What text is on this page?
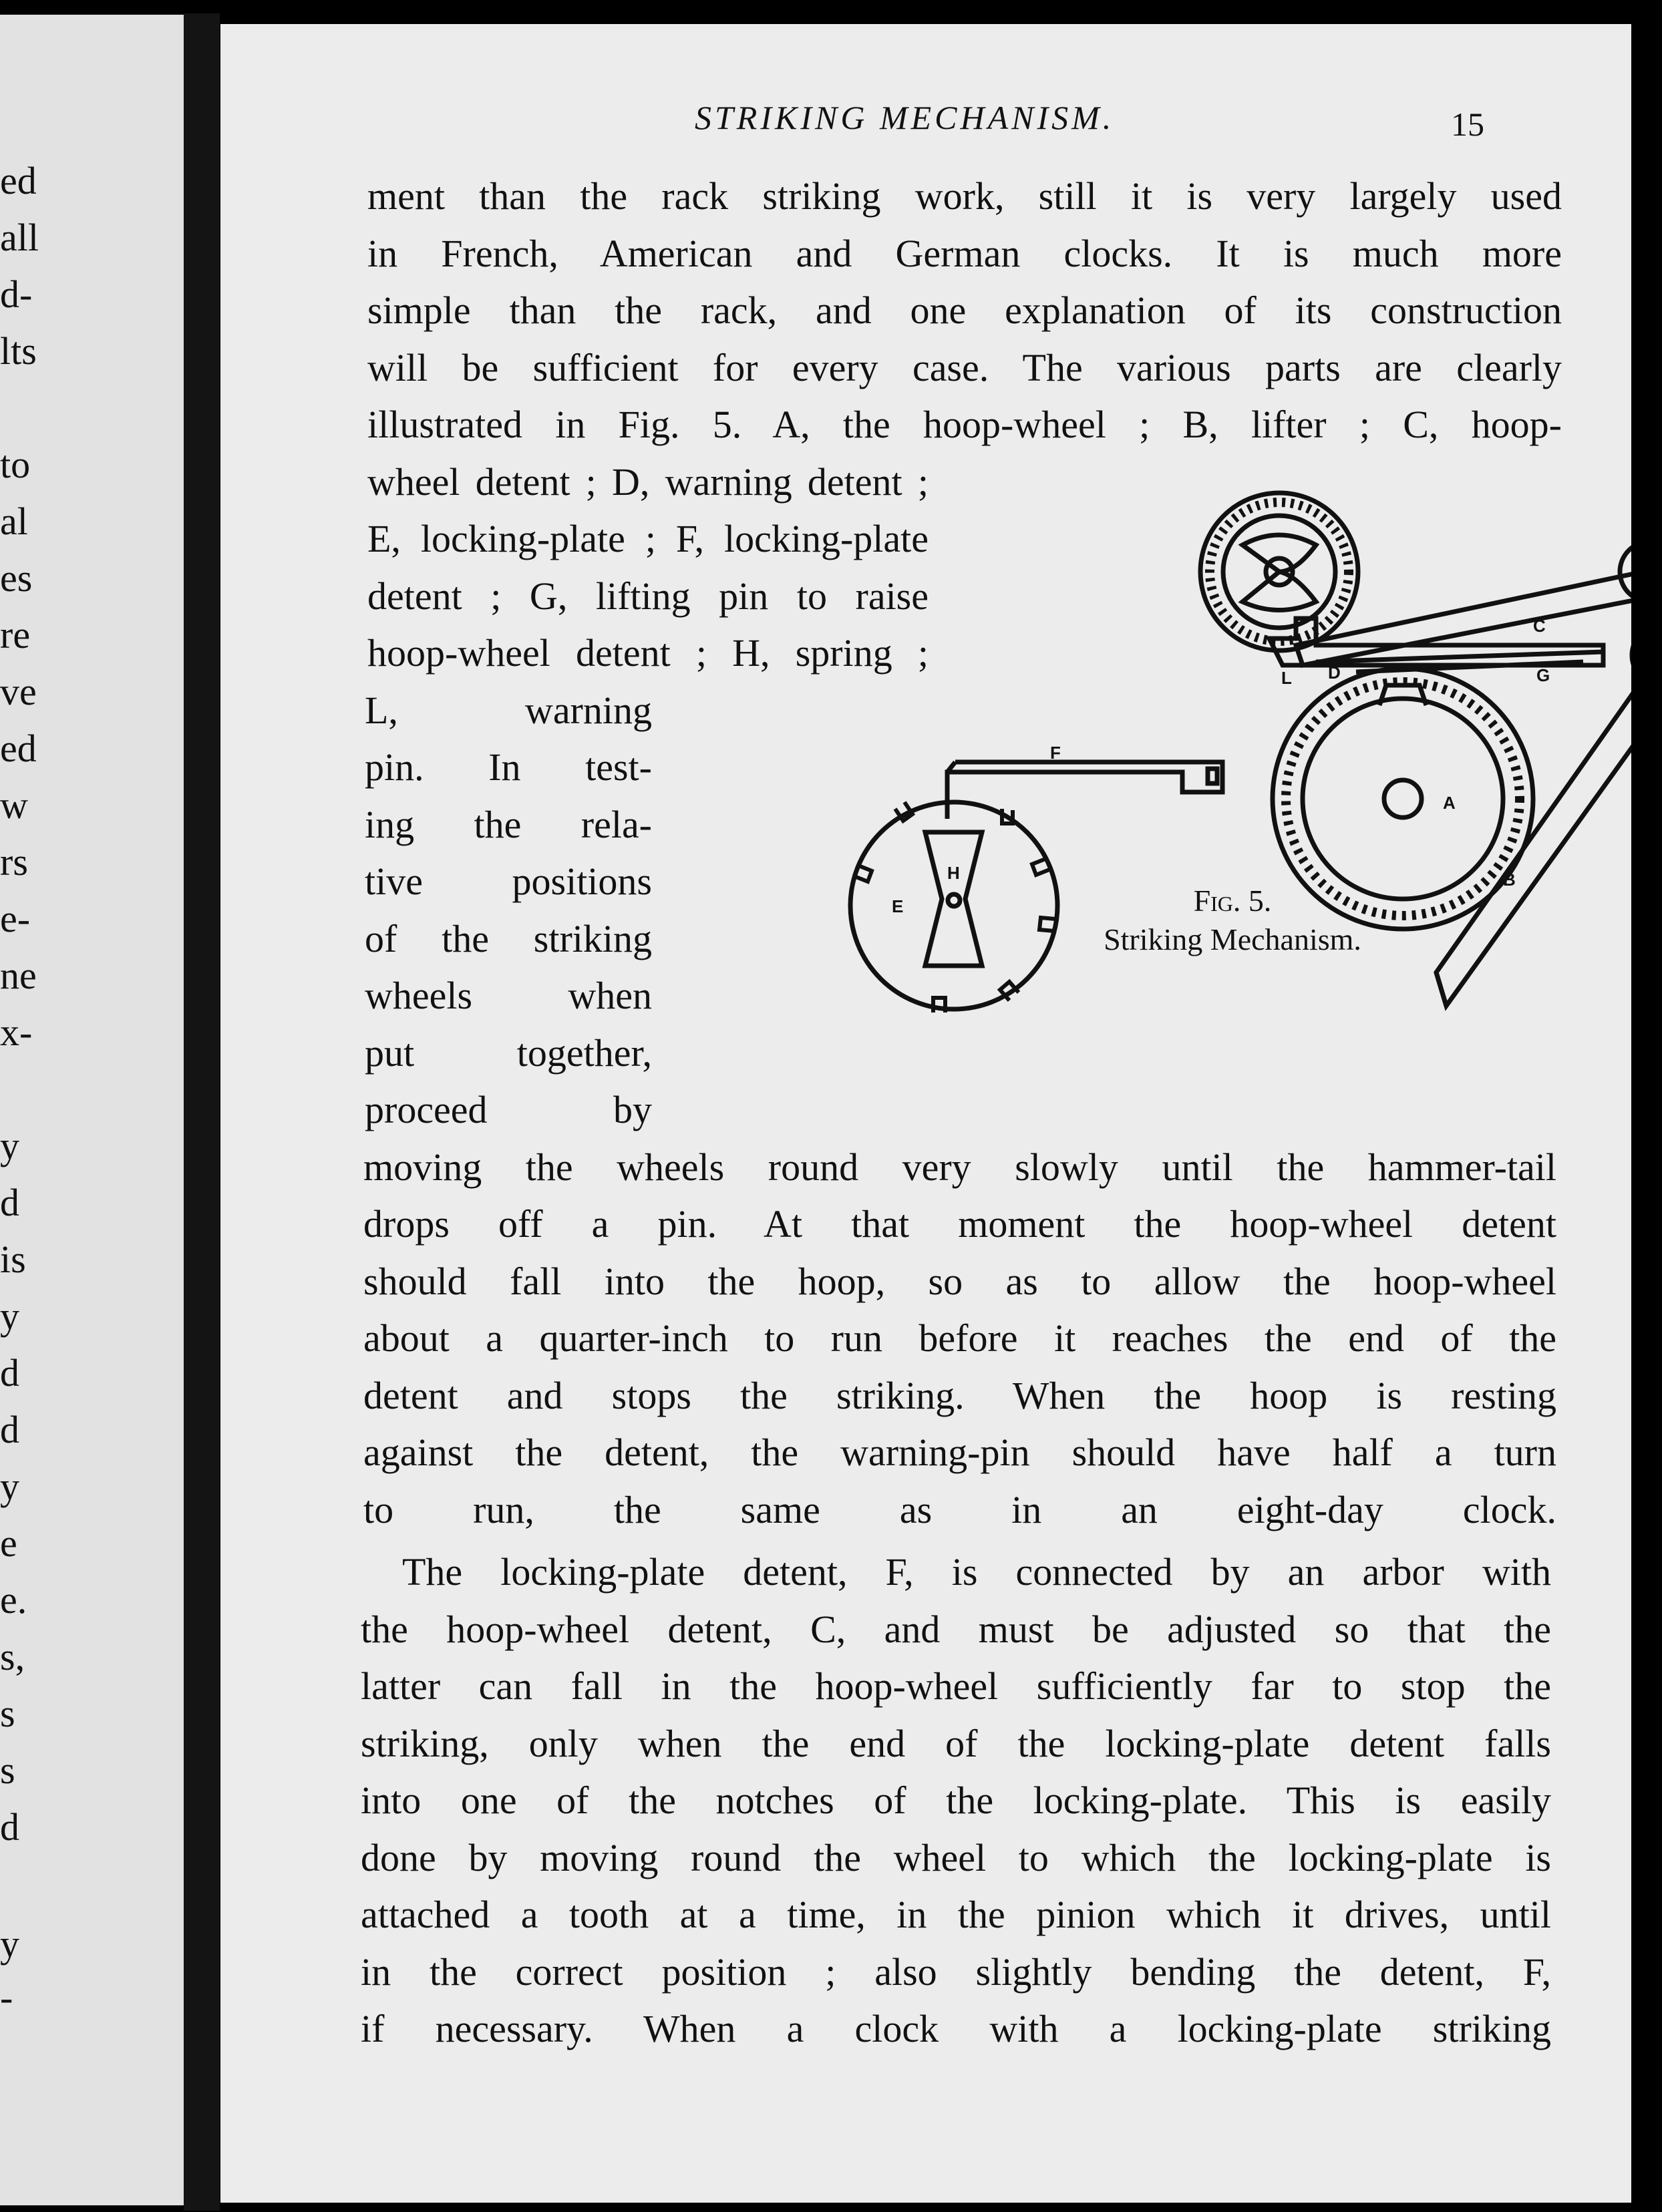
ed
all
d-
lts
to
al
es
re
ve
ed
w
rs
e-
ne
x-
y
d
is
y
d
d
y
e
e.
s,
s
s
d
y
-
STRIKING MECHANISM.	15
ment than the rack striking work, still it is very largely used
in French, American and German clocks. It is much more
simple than the rack, and one explanation of its construction
will be sufficient for every case. The various parts are clearly
illustrated in Fig. 5. A, the hoop-wheel ; B, lifter ; C, hoop-
wheel detent ; D, warning detent ;
E, locking-plate ; F, locking-plate
detent ; G, lifting pin to raise
hoop-wheel detent ; H, spring ;
L, warning
pin. In test-
ing the rela-
tive positions
of the striking
wheels when
put together,
proceed by
moving the wheels round very slowly until the hammer-tail
drops off a pin. At that moment the hoop-wheel detent
should fall into the hoop, so as to allow the hoop-wheel
about a quarter-inch to run before it reaches the end of the
detent and stops the striking. When the hoop is resting
against the detent, the warning-pin should have half a turn
to run, the same as in an eight-day clock.
The locking-plate detent, F, is connected by an arbor with
the hoop-wheel detent, C, and must be adjusted so that the
latter can fall in the hoop-wheel sufficiently far to stop the
striking, only when the end of the locking-plate detent falls
into one of the notches of the locking-plate. This is easily
done by moving round the wheel to which the locking-plate is
attached a tooth at a time, in the pinion which it drives, until
in the correct position ; also slightly bending the detent, F,
if necessary. When a clock with a locking-plate striking
F
H
E
A
B
C
G
D
L
Fig. 5.
Striking Mechanism.
